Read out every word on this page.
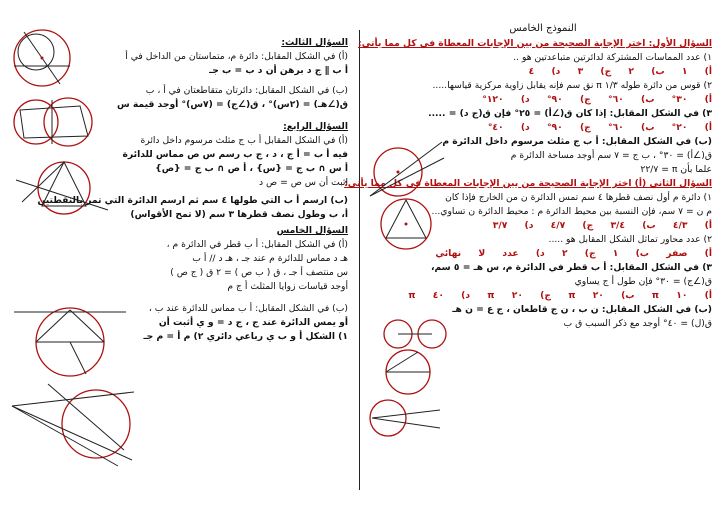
النموذج الخامس
السؤال الأول: اختر الإجابة الصحيحة من بين الإجابات المعطاة في كل مما يأتي:
١) عدد المماسات المشتركة لدائرتين متباعدتين هو ..
أ) ١ ب) ٢ ج) ٣ د) ٤
٢) قوس من دائرة طوله ١/٣ π نق سم فإنه يقابل زاوية مركزية قياسها.....
أ) ٣٠° ب) ٦٠° ج) ٩٠° د) ١٢٠°
٣) في الشكل المقابل: إذا كان ق(∠أ) = ٢٥° فإن ق(ج د) = .....
أ) ٢٠° ب) ٦٠° ج) ٩٠° د) ٤٠°
(ب) في الشكل المقابل: أ ب ج مثلث مرسوم داخل الدائرة م
ق(∠أ) = ٣٠° ، ب ج = ٧ سم أوجد مساحة الدائرة م
علما بأن π = ٢٢/٧
السؤال الثاني (أ) اختر الإجابة الصحيحة من بين الإجابات المعطاة في كل مما يأتي:
١) دائرة م أول نصف قطرها ٤ سم تمس الدائرة ن من الخارج فإذا كان
م ن = ٧ سم، فإن النسبة بين محيط الدائرة م : محيط الدائرة ن تساوي...
أ) ٤/٣ ب) ٣/٤ ج) ٤/٧ د) ٣/٧
٢) عدد محاور تماثل الشكل المقابل هو .....
أ) صفر ب) ١ ج) ٢ د) عدد لا نهائي
٣) في الشكل المقابل: أ ب قطر في الدائرة م، س هـ = ٥ سم،
ق(∠ج) = ٣٠° فإن طول أ ج يساوي
أ) ١٠ π ب) ٢٠ π ج) ٢٠ π د) ٤٠ π
(ب) في الشكل المقابل: ن ب ، ن ج قاطعان ، ج ع = ن هـ
ق(ل) = ٤٠° أوجد مع ذكر السبب ق ب
السؤال الثالث:
(أ) في الشكل المقابل: دائرة م، متماستان من الداخل في أ
أ ب ∥ ج د برهن أن د ب = ب جـ
(ب) في الشكل المقابل: دائرتان متقاطعتان في أ ، ب
ق(∠هـ) = (٢س)° ، ق(∠ج) = (٧س)° أوجد قيمة س
السؤال الرابع:
(أ) في الشكل المقابل أ ب ج مثلث مرسوم داخل دائرة
فيه أ ب = أ ج ، د ، ج ب رسم س ص مماس للدائرة
أ س ∩ ب ج = {س} ، أ ص ∩ ب ج = {ص}
اثبت أن س ص = ص د
(ب) ارسم أ ب التي طولها ٤ سم ثم ارسم الدائرة التي تمر بالنقطتين
أ، ب وطول نصف قطرها ٣ سم (لا تمح الأقواس)
السؤال الخامس
(أ) في الشكل المقابل: أ ب قطر في الدائرة م ،
هـ د مماس للدائرة م عند جـ ، هـ د // أ ب
س منتصف أ جـ ، ق ( ب ص ) = ٢ ق ( ج ص )
أوجد قياسات زوايا المثلث أ ج م
(ب) في الشكل المقابل: أ ب مماس للدائرة عند ب ،
أو يمس الدائرة عند ج ، ج د = و ي أثبت أن
١) الشكل أ و ب ي رباعي دائري ٢) م أ = م جـ
